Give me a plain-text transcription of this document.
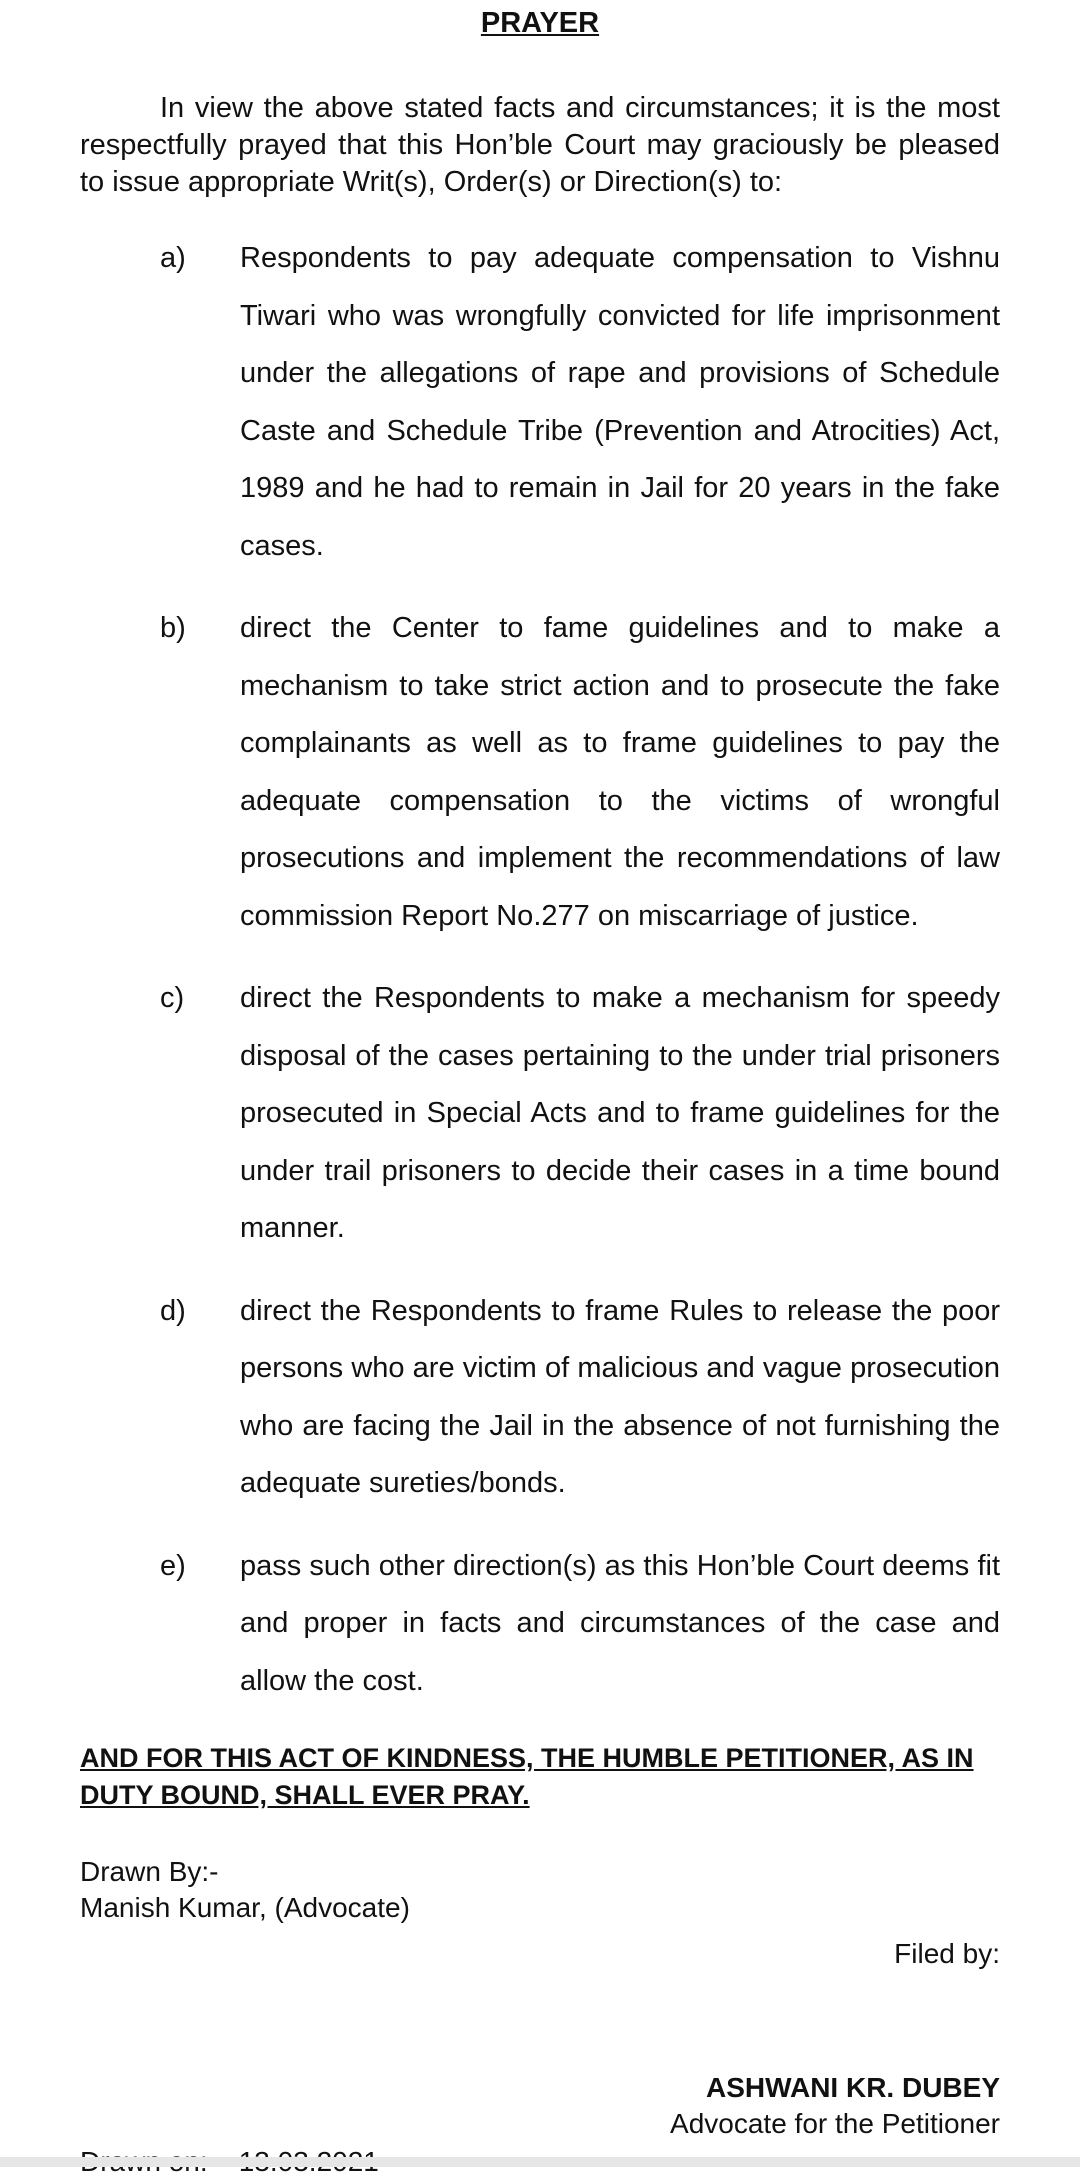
PRAYER

In view the above stated facts and circumstances; it is the most respectfully prayed that this Hon’ble Court may graciously be pleased to issue appropriate Writ(s), Order(s) or Direction(s) to:

a)	Respondents to pay adequate compensation to Vishnu Tiwari who was wrongfully convicted for life imprisonment under the allegations of rape and provisions of Schedule Caste and Schedule Tribe (Prevention and Atrocities) Act, 1989 and he had to remain in Jail for 20 years in the fake cases.
b)	direct the Center to fame guidelines and to make a mechanism to take strict action and to prosecute the fake complainants as well as to frame guidelines to pay the adequate compensation to the victims of wrongful prosecutions and implement the recommendations of law commission Report No.277 on miscarriage of justice.
c)	direct the Respondents to make a mechanism for speedy disposal of the cases pertaining to the under trial prisoners prosecuted in Special Acts and to frame guidelines for the under trail prisoners to decide their cases in a time bound manner.
d)	direct the Respondents to frame Rules to release the poor persons who are victim of malicious and vague prosecution who are facing the Jail in the absence of not furnishing the adequate sureties/bonds.
e)	pass such other direction(s) as this Hon’ble Court deems fit and proper in facts and circumstances of the case and allow the cost.
AND FOR THIS ACT OF KINDNESS, THE HUMBLE PETITIONER, AS IN DUTY BOUND, SHALL EVER PRAY.
Drawn By:-
Manish Kumar, (Advocate)
Filed by:
ASHWANI KR. DUBEY
Advocate for the Petitioner
